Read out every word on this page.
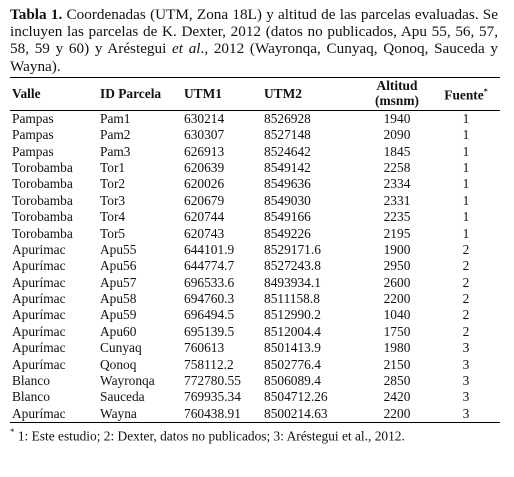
Tabla 1. Coordenadas (UTM, Zona 18L) y altitud de las parcelas evaluadas. Se incluyen las parcelas de K. Dexter, 2012 (datos no publicados, Apu 55, 56, 57, 58, 59 y 60) y Aréstegui et al., 2012 (Wayronqa, Cunyaq, Qonoq, Sauceda y Wayna).

Valle	ID Parcela	UTM1	UTM2	Altitud (msnm)	Fuente*
Pampas	Pam1	630214	8526928	1940	1
Pampas	Pam2	630307	8527148	2090	1
Pampas	Pam3	626913	8524642	1845	1
Torobamba	Tor1	620639	8549142	2258	1
Torobamba	Tor2	620026	8549636	2334	1
Torobamba	Tor3	620679	8549030	2331	1
Torobamba	Tor4	620744	8549166	2235	1
Torobamba	Tor5	620743	8549226	2195	1
Apurimac	Apu55	644101.9	8529171.6	1900	2
Apurímac	Apu56	644774.7	8527243.8	2950	2
Apurímac	Apu57	696533.6	8493934.1	2600	2
Apurímac	Apu58	694760.3	8511158.8	2200	2
Apurímac	Apu59	696494.5	8512990.2	1040	2
Apurímac	Apu60	695139.5	8512004.4	1750	2
Apurímac	Cunyaq	760613	8501413.9	1980	3
Apurímac	Qonoq	758112.2	8502776.4	2150	3
Blanco	Wayronqa	772780.55	8506089.4	2850	3
Blanco	Sauceda	769935.34	8504712.26	2420	3
Apurímac	Wayna	760438.91	8500214.63	2200	3
* 1: Este estudio; 2: Dexter, datos no publicados; 3: Aréstegui et al., 2012.
